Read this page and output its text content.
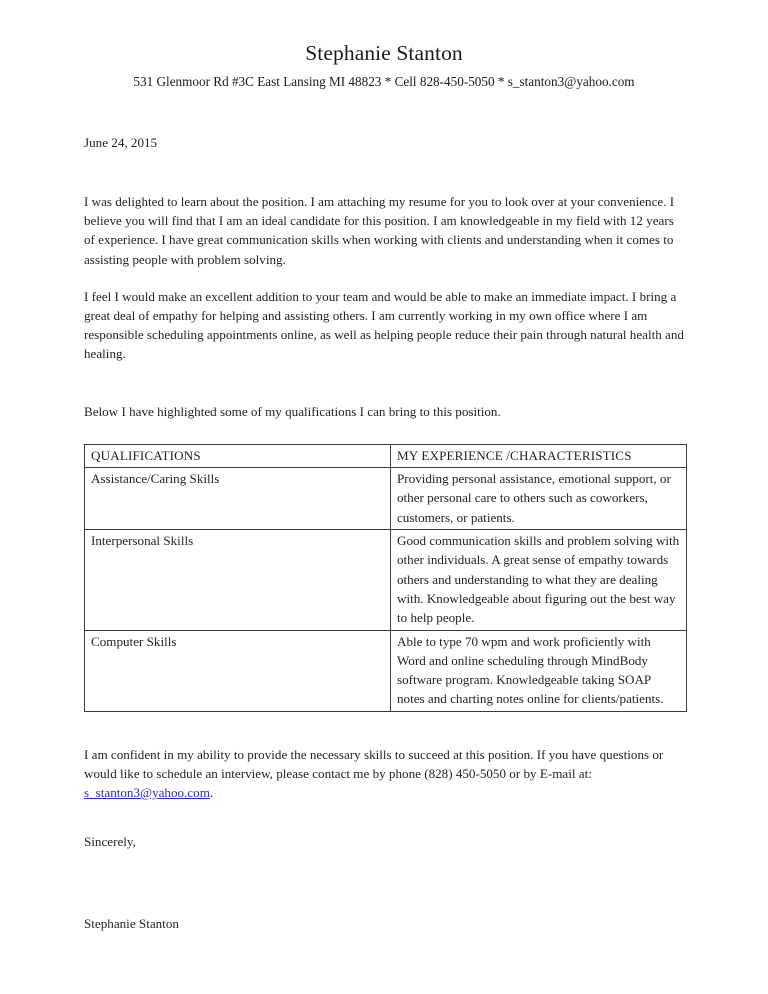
Stephanie Stanton
531 Glenmoor Rd #3C East Lansing MI 48823 * Cell 828-450-5050 * s_stanton3@yahoo.com
June 24, 2015

I was delighted to learn about the position. I am attaching my resume for you to look over at your convenience. I believe you will find that I am an ideal candidate for this position. I am knowledgeable in my field with 12 years of experience. I have great communication skills when working with clients and understanding when it comes to assisting people with problem solving.

I feel I would make an excellent addition to your team and would be able to make an immediate impact. I bring a great deal of empathy for helping and assisting others. I am currently working in my own office where I am responsible scheduling appointments online, as well as helping people reduce their pain through natural health and healing.

Below I have highlighted some of my qualifications I can bring to this position.

QUALIFICATIONS	MY EXPERIENCE /CHARACTERISTICS
Assistance/Caring Skills	Providing personal assistance, emotional support, or other personal care to others such as coworkers, customers, or patients.
Interpersonal Skills	Good communication skills and problem solving with other individuals. A great sense of empathy towards others and understanding to what they are dealing with. Knowledgeable about figuring out the best way to help people.
Computer Skills	Able to type 70 wpm and work proficiently with Word and online scheduling through MindBody software program. Knowledgeable taking SOAP notes and charting notes online for clients/patients.

I am confident in my ability to provide the necessary skills to succeed at this position. If you have questions or would like to schedule an interview, please contact me by phone (828) 450-5050 or by E-mail at: s_stanton3@yahoo.com.

Sincerely,
Stephanie Stanton
